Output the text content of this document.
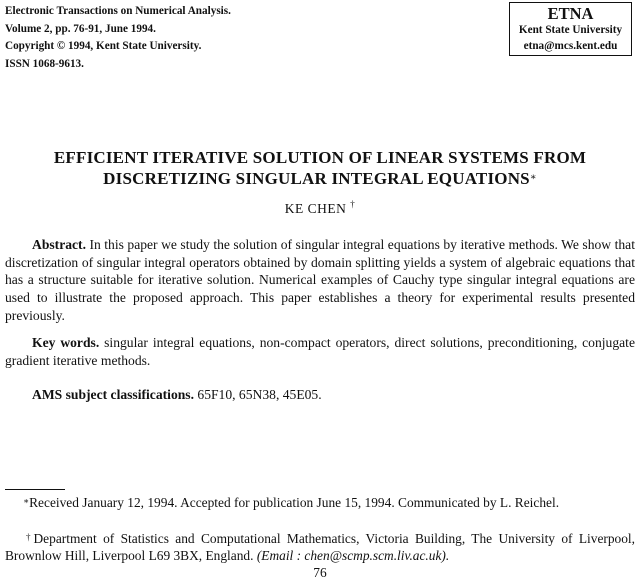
Electronic Transactions on Numerical Analysis.
Volume 2, pp. 76-91, June 1994.
Copyright © 1994, Kent State University.
ISSN 1068-9613.
ETNA
Kent State University
etna@mcs.kent.edu
EFFICIENT ITERATIVE SOLUTION OF LINEAR SYSTEMS FROM
DISCRETIZING SINGULAR INTEGRAL EQUATIONS∗
KE CHEN †
Abstract. In this paper we study the solution of singular integral equations by iterative methods. We show that discretization of singular integral operators obtained by domain splitting yields a system of algebraic equations that has a structure suitable for iterative solution. Numerical examples of Cauchy type singular integral equations are used to illustrate the proposed approach. This paper establishes a theory for experimental results presented previously.
Key words. singular integral equations, non-compact operators, direct solutions, preconditioning, conjugate gradient iterative methods.
AMS subject classifications. 65F10, 65N38, 45E05.
∗Received January 12, 1994. Accepted for publication June 15, 1994. Communicated by L. Reichel.
†Department of Statistics and Computational Mathematics, Victoria Building, The University of Liverpool, Brownlow Hill, Liverpool L69 3BX, England. (Email : chen@scmp.scm.liv.ac.uk).
76
